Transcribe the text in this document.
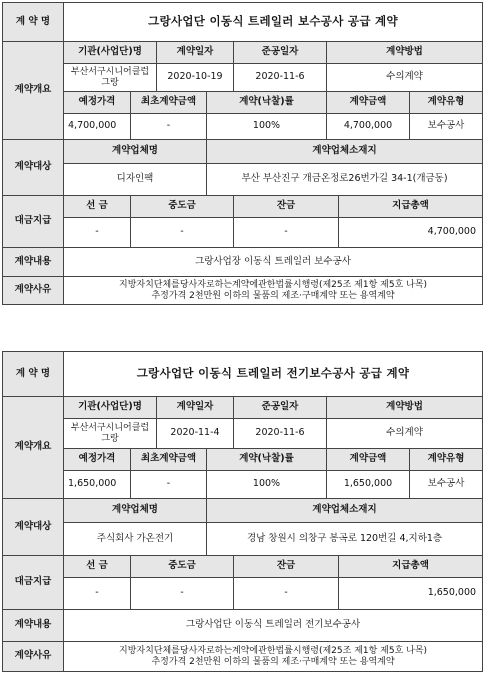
계 약 명	그랑사업단 이동식 트레일러 보수공사 공급 계약							
계약개요	기관(사업단)명		계약일자		준공일자	계약방법		
	부산서구시니어클럽 그랑		2020-10-19		2020-11-6	수의계약		
	예정가격	최초계약금액		계약(낙찰)률		계약금액		계약유형
	4,700,000	-		100%		4,700,000		보수공사
계약대상	계약업체명			계약업체소재지				
	디자인팩			부산 부산진구 개금온정로26번가길 34-1(개금동)				
대금지급	선 금	중도금			잔금		지급총액	
	-	-			-		4,700,000	
계약내용	그랑사업장 이동식 트레일러 보수공사							
계약사유	지방자치단체를당사자로하는계약에관한법률시행령(제25조 제1항 제5호 나목)
추정가격 2천만원 이하의 물품의 제조·구매계약 또는 용역계약							
계 약 명	그랑사업단 이동식 트레일러 전기보수공사 공급 계약							
계약개요	기관(사업단)명		계약일자		준공일자	계약방법		
	부산서구시니어클럽 그랑		2020-11-4		2020-11-6	수의계약		
	예정가격	최초계약금액		계약(낙찰)률		계약금액		계약유형
	1,650,000	-		100%		1,650,000		보수공사
계약대상	계약업체명			계약업체소재지				
	주식회사 가온전기			경남 창원시 의창구 봉곡로 120번길 4,지하1층				
대금지급	선 금	중도금			잔금		지급총액	
	-	-			-		1,650,000	
계약내용	그랑사업단 이동식 트레일러 전기보수공사							
계약사유	지방자치단체를당사자로하는계약에관한법률시행령(제25조 제1항 제5호 나목)
추정가격 2천만원 이하의 물품의 제조·구매계약 또는 용역계약							
